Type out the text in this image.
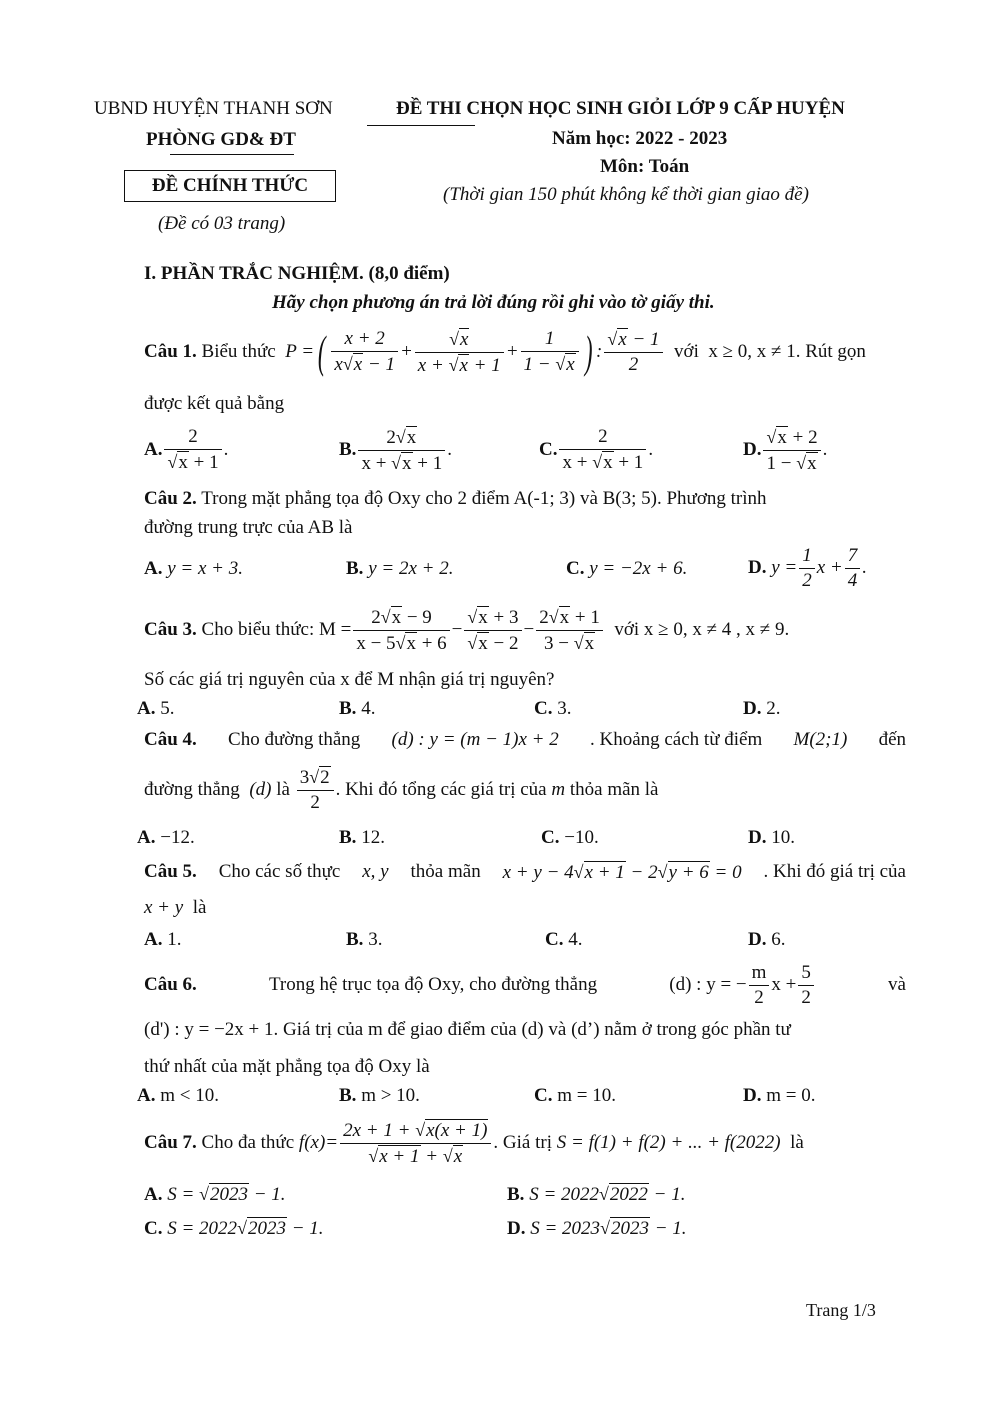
UBND HUYỆN THANH SƠN
PHÒNG GD& ĐT
ĐỀ CHÍNH THỨC
(Đề có 03 trang)
ĐỀ THI CHỌN HỌC SINH GIỎI LỚP 9 CẤP HUYỆN
Năm học: 2022 - 2023
Môn: Toán
(Thời gian 150 phút không kể thời gian giao đề)
I. PHẦN TRẮC NGHIỆM. (8,0 điểm)
Hãy chọn phương án trả lời đúng rồi ghi vào tờ giấy thi.
Câu 1.
Biểu thức
P = ( $\frac{x + 2}{x√x - 1} + \frac{√x}{x + √x + 1} + \frac{1}{1 - √x}$ ) : $\frac{√x - 1}{2}$
với
x ≥ 0, x ≠ 1 . Rút gọn
được kết quả bằng
A. $\frac{2}{√x + 1}$ .	B. $\frac{2√x}{x + √x + 1}$ .	C. $\frac{2}{x + √x + 1}$ .	D. $\frac{√x + 2}{1 - √x}$ .
Câu 2. Trong mặt phẳng tọa độ Oxy cho 2 điểm A(-1; 3) và B(3; 5). Phương trình
đường trung trực của AB là
A. y = x + 3.	B. y = 2x + 2.	C. y = −2x + 6.	D.
$y = \frac{1}{2}$ $x + \frac{7}{4}$ .
Câu 3.
Cho biểu thức:
$M = \frac{2√x - 9}{x - 5√x + 6} - \frac{√x + 3}{√x - 2} - \frac{2√x + 1}{3 - √x}$
với x ≥ 0, x ≠ 4 , x ≠ 9.
Số các giá trị nguyên của x để M nhận giá trị nguyên?
A. 5.	B. 4.	C. 3.	D. 2.
Câu 4. Cho đường thẳng (d) : y = (m − 1)x + 2 . Khoảng cách từ điểm M(2;1) đến
đường thẳng
(d)
là
$\frac{3√2}{2}$ . Khi đó tổng các giá trị của
m
thỏa mãn là
A. −12.	B. 12.	C. −10.	D. 10.
Câu 5. Cho các số thực x, y thỏa mãn x + y − 4√x + 1 − 2√y + 6 = 0 . Khi đó giá trị của
x + y là
A. 1.	B. 3.	C. 4.	D. 6.
Câu 6.	Trong hệ trục tọa độ Oxy, cho đường thẳng	(d) : y = − $\frac{m}{2}$ $x + \frac{5}{2}$	và
(d') : y = −2x + 1. Giá trị của m để giao điểm của (d) và (d’) nằm ở trong góc phần tư
thứ nhất của mặt phẳng tọa độ Oxy là
A. m < 10.	B. m > 10.	C. m = 10.	D. m = 0.
Câu 7.
Cho đa thức
$f(x)= \frac{2x + 1 + √x(x + 1)}{√x + 1 + √x}$ . Giá trị
S = f(1) + f(2) + ... + f(2022)
là
A. S = √2023 − 1.	B. S = 2022√2022 − 1.
C. S = 2022√2023 − 1.	D. S = 2023√2023 − 1.
Trang 1/3
